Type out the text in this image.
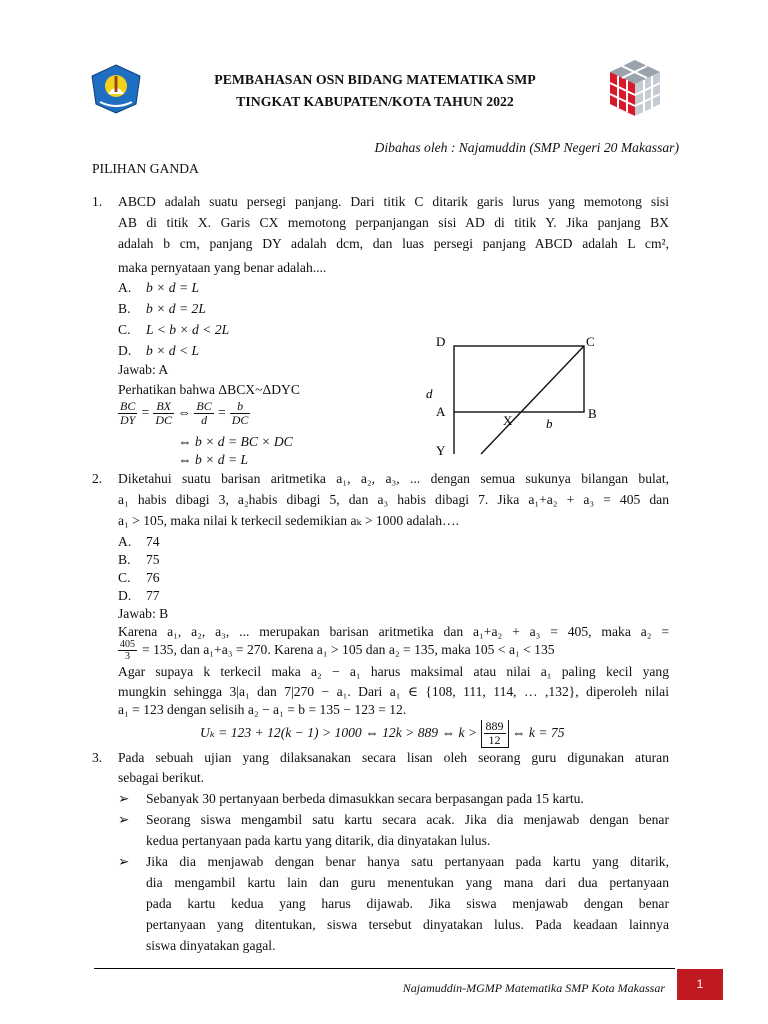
PEMBAHASAN OSN BIDANG MATEMATIKA SMP
TINGKAT KABUPATEN/KOTA TAHUN 2022
Dibahas oleh : Najamuddin (SMP Negeri 20 Makassar)
PILIHAN GANDA
1.	ABCD adalah suatu persegi panjang. Dari titik C ditarik garis lurus yang memotong sisi
AB di titik X. Garis CX memotong perpanjangan sisi AD di titik Y. Jika panjang BX
adalah b cm, panjang DY adalah dcm, dan luas persegi panjang ABCD adalah L cm²,
maka pernyataan yang benar adalah....
A.	b × d = L
B.	b × d = 2L
C.	L < b × d < 2L
D.	b × d < L
Jawab: A
Perhatikan bahwa ΔBCX~ΔDYC
$\frac{BC}{DY} = \frac{BX}{DC}$ ⇔ $\frac{BC}{d} = \frac{b}{DC}$
⇔ b × d = BC × DC
⇔ b × d = L
D	C
A	B
X
Y
d
b
2.	Diketahui suatu barisan aritmetika a₁, a₂, a₃, ... dengan semua sukunya bilangan bulat,
a₁ habis dibagi 3, a₂habis dibagi 5, dan a₃ habis dibagi 7. Jika a₁+a₂ + a₃ = 405 dan
a₁ > 105, maka nilai k terkecil sedemikian aₖ > 1000 adalah….
A.	74
B.	75
C.	76
D.	77
Jawab: B
Karena a₁, a₂, a₃, ... merupakan barisan aritmetika dan a₁+a₂ + a₃ = 405, maka a₂ =
$\frac{405}{3} = 135$, dan a₁+a₃ = 270. Karena a₁ > 105 dan a₂ = 135, maka 105 < a₁ < 135
Agar supaya k terkecil maka a₂ − a₁ harus maksimal atau nilai a₁ paling kecil yang
mungkin sehingga 3|a₁ dan 7|270 − a₁. Dari a₁ ∈ {108, 111, 114, … ,132}, diperoleh nilai
a₁ = 123 dengan selisih a₂ − a₁ = b = 135 − 123 = 12.
Uₖ = 123 + 12(k − 1) > 1000 ⇔ 12k > 889 ⇔ $k > \frac{889}{12}$ ⇔ k = 75
3.	Pada sebuah ujian yang dilaksanakan secara lisan oleh seorang guru digunakan aturan
sebagai berikut.
➢	Sebanyak 30 pertanyaan berbeda dimasukkan secara berpasangan pada 15 kartu.
➢	Seorang siswa mengambil satu kartu secara acak. Jika dia menjawab dengan benar
kedua pertanyaan pada kartu yang ditarik, dia dinyatakan lulus.
➢	Jika dia menjawab dengan benar hanya satu pertanyaan pada kartu yang ditarik,
dia mengambil kartu lain dan guru menentukan yang mana dari dua pertanyaan
pada kartu kedua yang harus dijawab. Jika siswa menjawab dengan benar
pertanyaan yang ditentukan, siswa tersebut dinyatakan lulus. Pada keadaan lainnya
siswa dinyatakan gagal.
Najamuddin-MGMP Matematika SMP Kota Makassar	1
